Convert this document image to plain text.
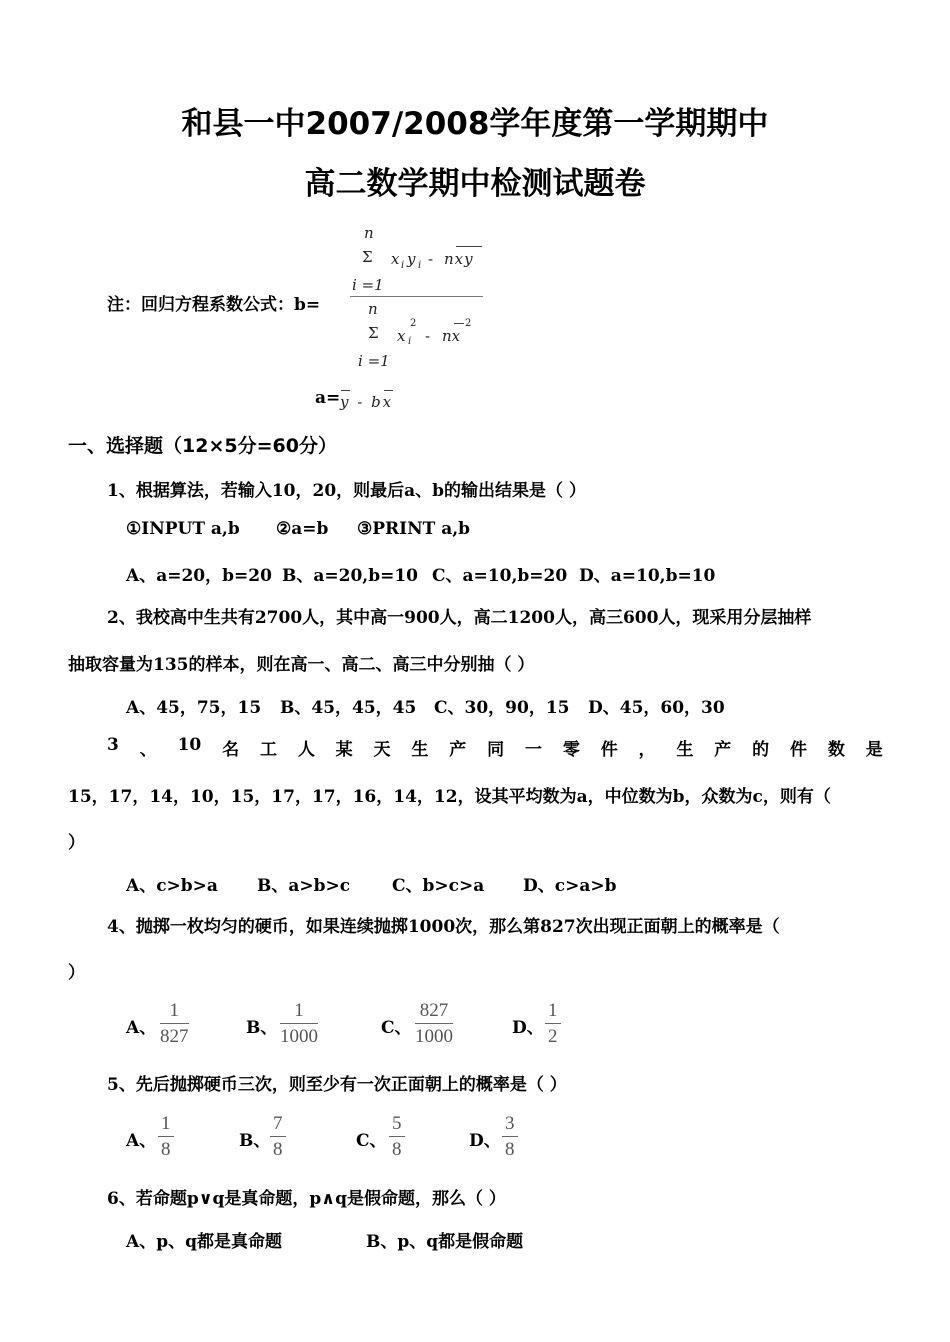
和县一中2007/2008学年度第一学期期中
高二数学期中检测试题卷
注：回归方程系数公式：b=
n
Σ x i y i - nxy
i =1
n
Σ x
2
i - nx
2
i =1
a= y - bx
一、选择题（12×5分=60分）
1、根据算法，若输入10，20，则最后a、b的输出结果是（ ）
①INPUT a,b ②a=b ③PRINT a,b
A、a=20，b=20 B、a=20,b=10 C、a=10,b=20 D、a=10,b=10
2、我校高中生共有2700人，其中高一900人，高二1200人，高三600人，现采用分层抽样
抽取容量为135的样本，则在高一、高二、高三中分别抽（ ）
A、45，75，15 B、45，45，45 C、30，90，15 D、45，60，30
3 、 10 名 工 人 某 天 生 产 同 一 零 件 ， 生 产 的 件 数 是
15，17，14，10，15，17，17，16，14，12，设其平均数为a，中位数为b，众数为c，则有（
）
A、c>b>a B、a>b>c C、b>c>a D、c>a>b
4、抛掷一枚均匀的硬币，如果连续抛掷1000次，那么第827次出现正面朝上的概率是（
）
A、
1
827	B、
1
1000	C、
827
1000	D、
1
2
5、先后抛掷硬币三次，则至少有一次正面朝上的概率是（ ）
A、
1
8	B、
7
8	C、
5
8	D、
3
8
6、若命题p∨q是真命题，p∧q是假命题，那么（ ）
A、p、q都是真命题	B、p、q都是假命题
